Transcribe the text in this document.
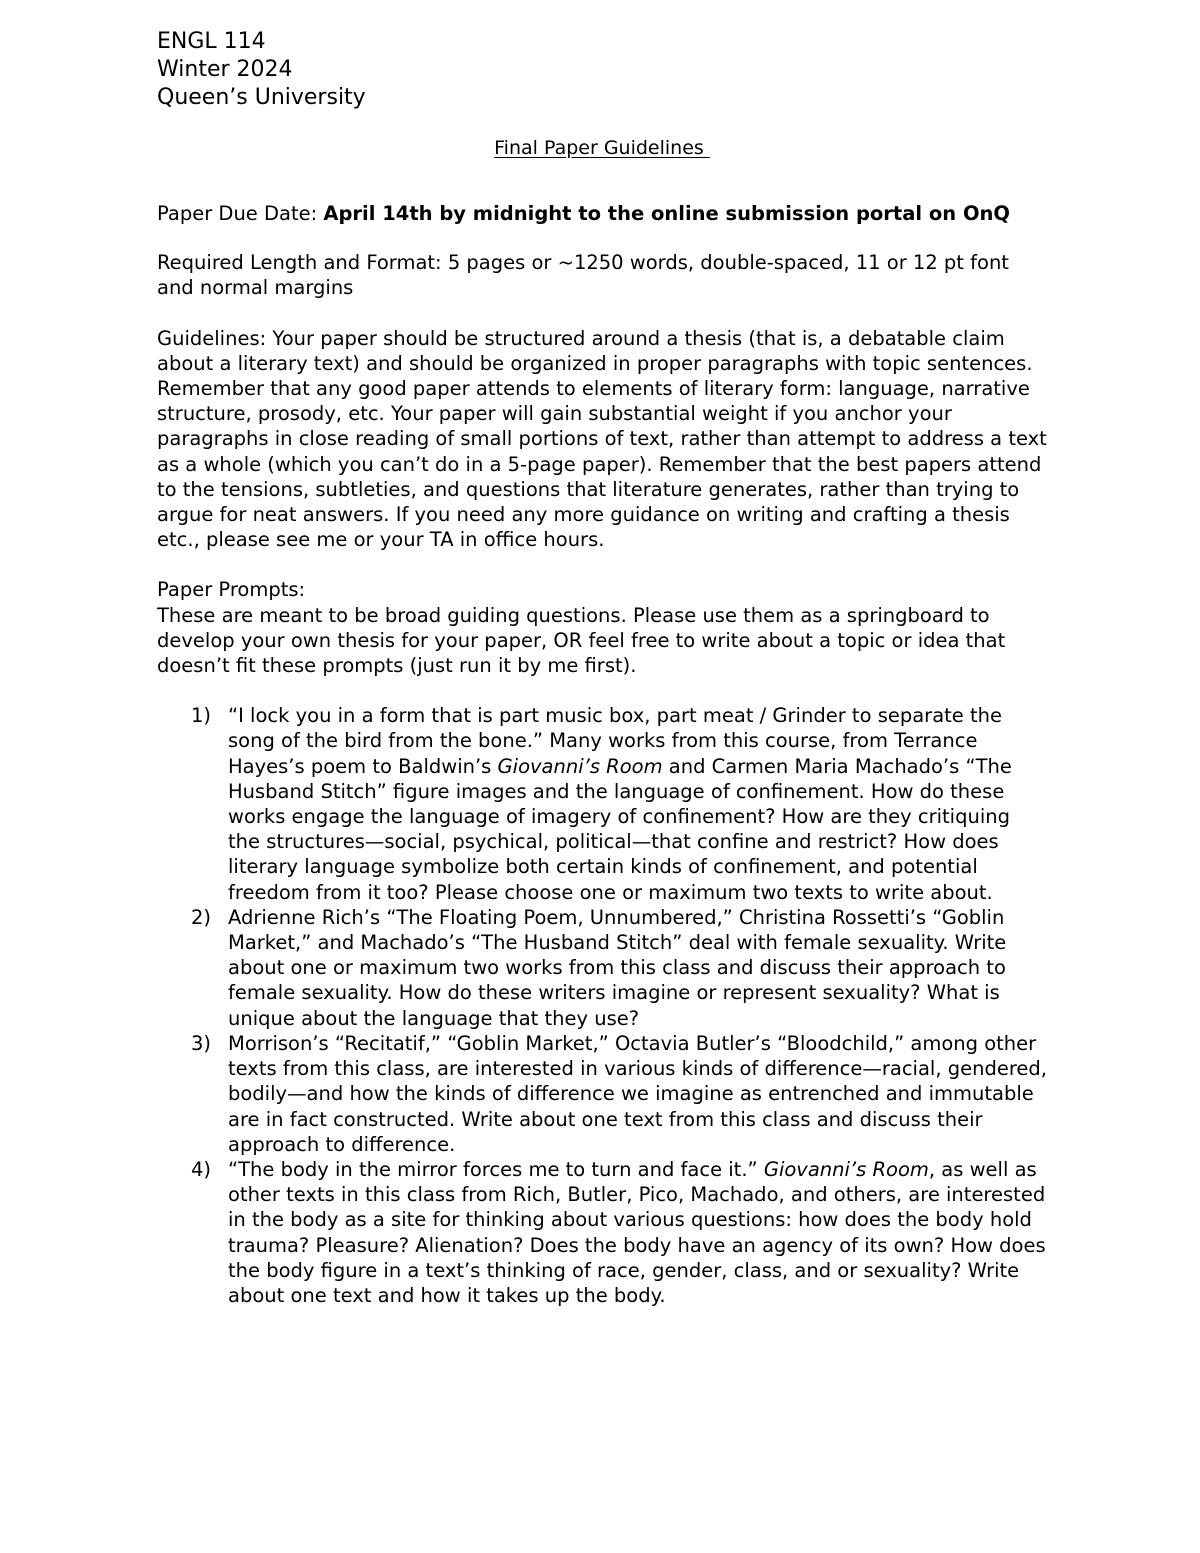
ENGL 114
Winter 2024
Queen’s University
Final Paper Guidelines

Paper Due Date: April 14th by midnight to the online submission portal on OnQ

Required Length and Format: 5 pages or ~1250 words, double-spaced, 11 or 12 pt font and normal margins

Guidelines: Your paper should be structured around a thesis (that is, a debatable claim about a literary text) and should be organized in proper paragraphs with topic sentences. Remember that any good paper attends to elements of literary form: language, narrative structure, prosody, etc. Your paper will gain substantial weight if you anchor your paragraphs in close reading of small portions of text, rather than attempt to address a text as a whole (which you can’t do in a 5-page paper). Remember that the best papers attend to the tensions, subtleties, and questions that literature generates, rather than trying to argue for neat answers. If you need any more guidance on writing and crafting a thesis etc., please see me or your TA in office hours.

Paper Prompts:

These are meant to be broad guiding questions. Please use them as a springboard to develop your own thesis for your paper, OR feel free to write about a topic or idea that doesn’t fit these prompts (just run it by me first).

1) “I lock you in a form that is part music box, part meat / Grinder to separate the song of the bird from the bone.” Many works from this course, from Terrance Hayes’s poem to Baldwin’s Giovanni’s Room and Carmen Maria Machado’s “The Husband Stitch” figure images and the language of confinement. How do these works engage the language of imagery of confinement? How are they critiquing the structures—social, psychical, political—that confine and restrict? How does literary language symbolize both certain kinds of confinement, and potential freedom from it too? Please choose one or maximum two texts to write about.
2) Adrienne Rich’s “The Floating Poem, Unnumbered,” Christina Rossetti’s “Goblin Market,” and Machado’s “The Husband Stitch” deal with female sexuality. Write about one or maximum two works from this class and discuss their approach to female sexuality. How do these writers imagine or represent sexuality? What is unique about the language that they use?
3) Morrison’s “Recitatif,” “Goblin Market,” Octavia Butler’s “Bloodchild,” among other texts from this class, are interested in various kinds of difference—racial, gendered, bodily—and how the kinds of difference we imagine as entrenched and immutable are in fact constructed. Write about one text from this class and discuss their approach to difference.
4) “The body in the mirror forces me to turn and face it.” Giovanni’s Room, as well as other texts in this class from Rich, Butler, Pico, Machado, and others, are interested in the body as a site for thinking about various questions: how does the body hold trauma? Pleasure? Alienation? Does the body have an agency of its own? How does the body figure in a text’s thinking of race, gender, class, and or sexuality? Write about one text and how it takes up the body.
